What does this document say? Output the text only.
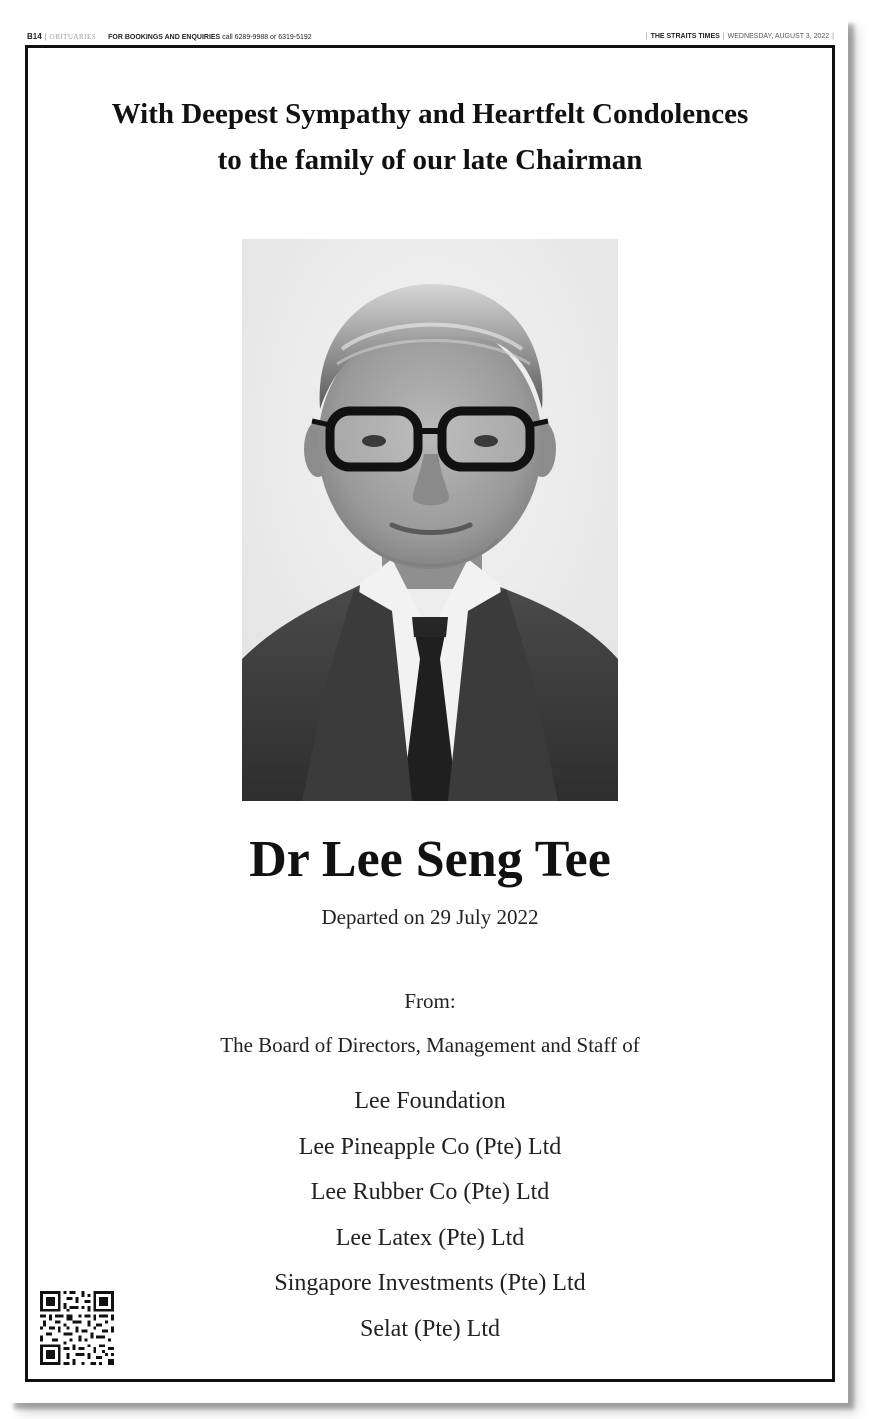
B14 | OBITUARIES FOR BOOKINGS AND ENQUIRIES call 6289-9988 or 6319-5192	| THE STRAITS TIMES | WEDNESDAY, AUGUST 3, 2022 |
With Deepest Sympathy and Heartfelt Condolences
to the family of our late Chairman
Dr Lee Seng Tee
Departed on 29 July 2022
From:
The Board of Directors, Management and Staff of
Lee Foundation
Lee Pineapple Co (Pte) Ltd
Lee Rubber Co (Pte) Ltd
Lee Latex (Pte) Ltd
Singapore Investments (Pte) Ltd
Selat (Pte) Ltd
